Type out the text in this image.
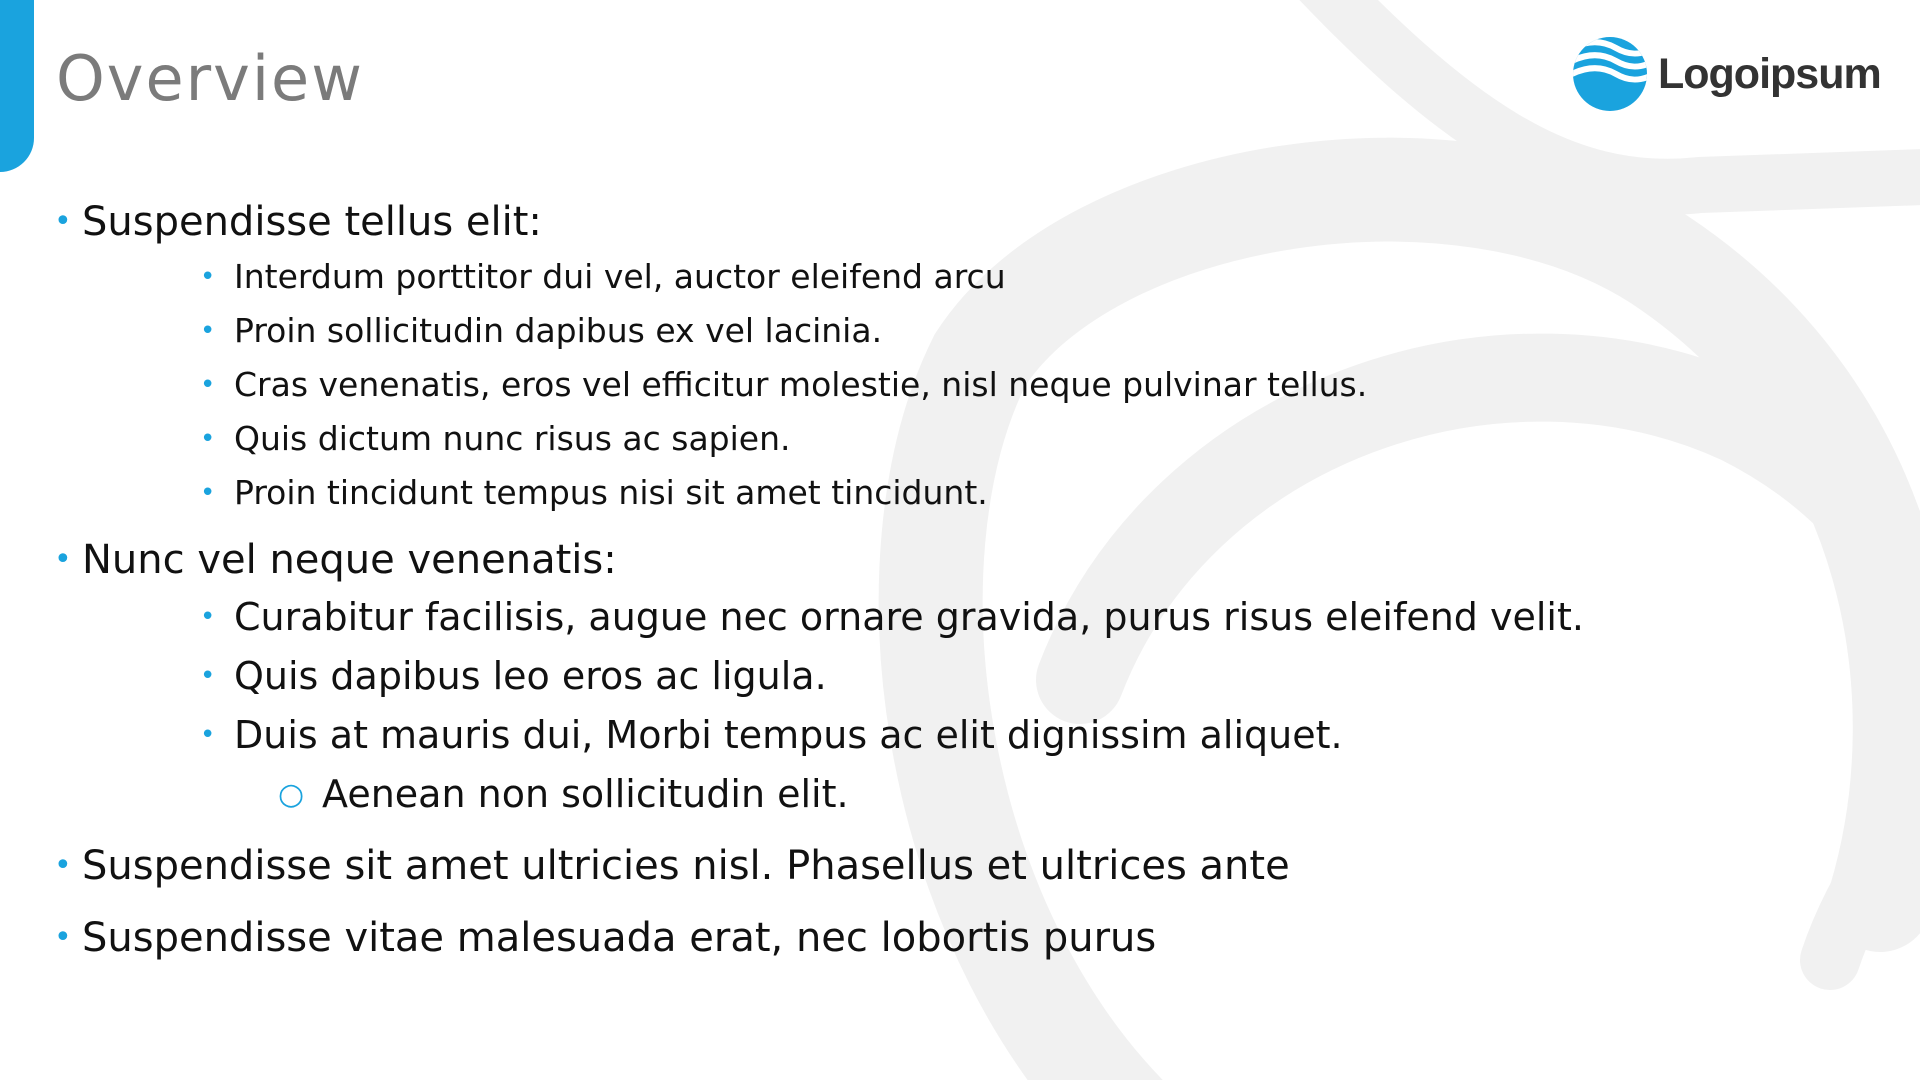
Overview	Logoipsum
• Suspendisse tellus elit:
• Interdum porttitor dui vel, auctor eleifend arcu
• Proin sollicitudin dapibus ex vel lacinia.
• Cras venenatis, eros vel efficitur molestie, nisl neque pulvinar tellus.
• Quis dictum nunc risus ac sapien.
• Proin tincidunt tempus nisi sit amet tincidunt.
• Nunc vel neque venenatis:
• Curabitur facilisis, augue nec ornare gravida, purus risus eleifend velit.
• Quis dapibus leo eros ac ligula.
• Duis at mauris dui, Morbi tempus ac elit dignissim aliquet.
○ Aenean non sollicitudin elit.
• Suspendisse sit amet ultricies nisl. Phasellus et ultrices ante
• Suspendisse vitae malesuada erat, nec lobortis purus
